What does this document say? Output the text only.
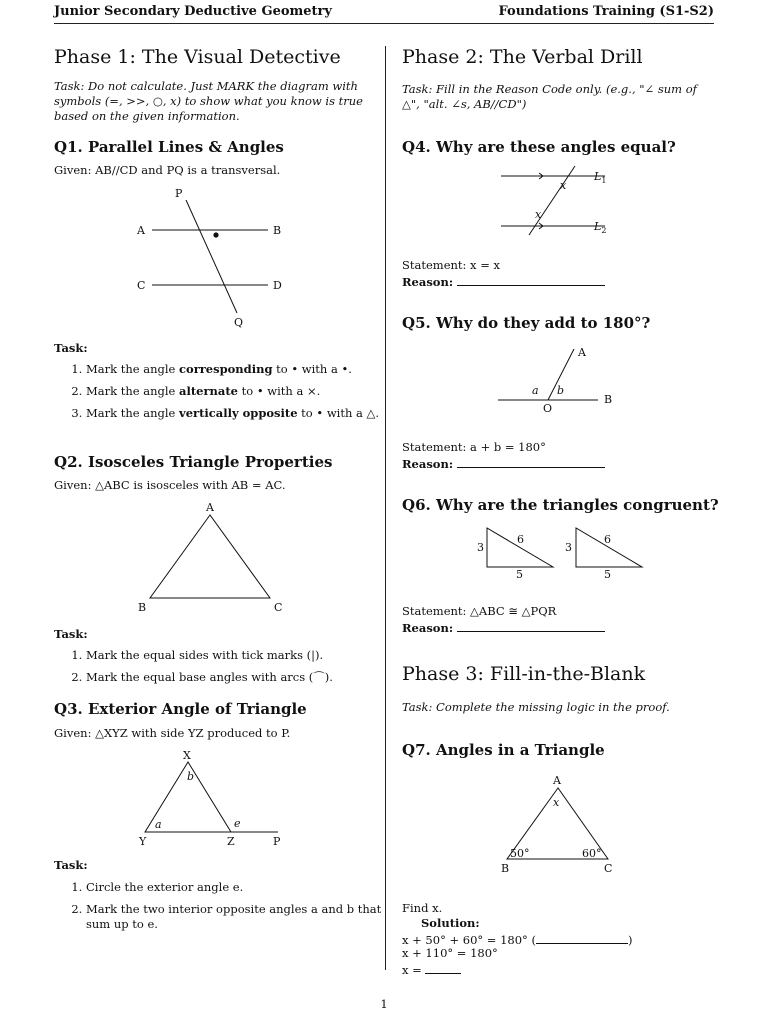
Junior Secondary Deductive Geometry	Foundations Training (S1-S2)
Phase 1: The Visual Detective
Task: Do not calculate. Just MARK the diagram with symbols (=, >>, ○, x) to show what you know is true based on the given information.
Q1. Parallel Lines & Angles
Given: AB//CD and PQ is a transversal.
P
A	B
C	D
Q
Task:
1. Mark the angle corresponding to • with a •.
2. Mark the angle alternate to • with a ×.
3. Mark the angle vertically opposite to • with a △.
Q2. Isosceles Triangle Properties
Given: △ABC is isosceles with AB = AC.
A
B	C
Task:
1. Mark the equal sides with tick marks (|).
2. Mark the equal base angles with arcs (⌒).
Q3. Exterior Angle of Triangle
Given: △XYZ with side YZ produced to P.
X
Y	Z	P
b
a	e
Task:
1. Circle the exterior angle e.
2. Mark the two interior opposite angles a and b that sum up to e.
Phase 2: The Verbal Drill
Task: Fill in the Reason Code only. (e.g., "∠ sum of △", "alt. ∠s, AB//CD")
Q4. Why are these angles equal?
x
x
$L_1$
$L_2$
Statement: x = x
Reason:
Q5. Why do they add to 180°?
A
B
O
a b
Statement: a + b = 180°
Reason:
Q6. Why are the triangles congruent?
3
6
5
3
6
5
Statement: △ABC ≅ △PQR
Reason:
Phase 3: Fill-in-the-Blank
Task: Complete the missing logic in the proof.
Q7. Angles in a Triangle
A
B	C
x
50°	60°
Find x.
Solution:
x + 50° + 60° = 180° (	)
x + 110° = 180°
x =
1
